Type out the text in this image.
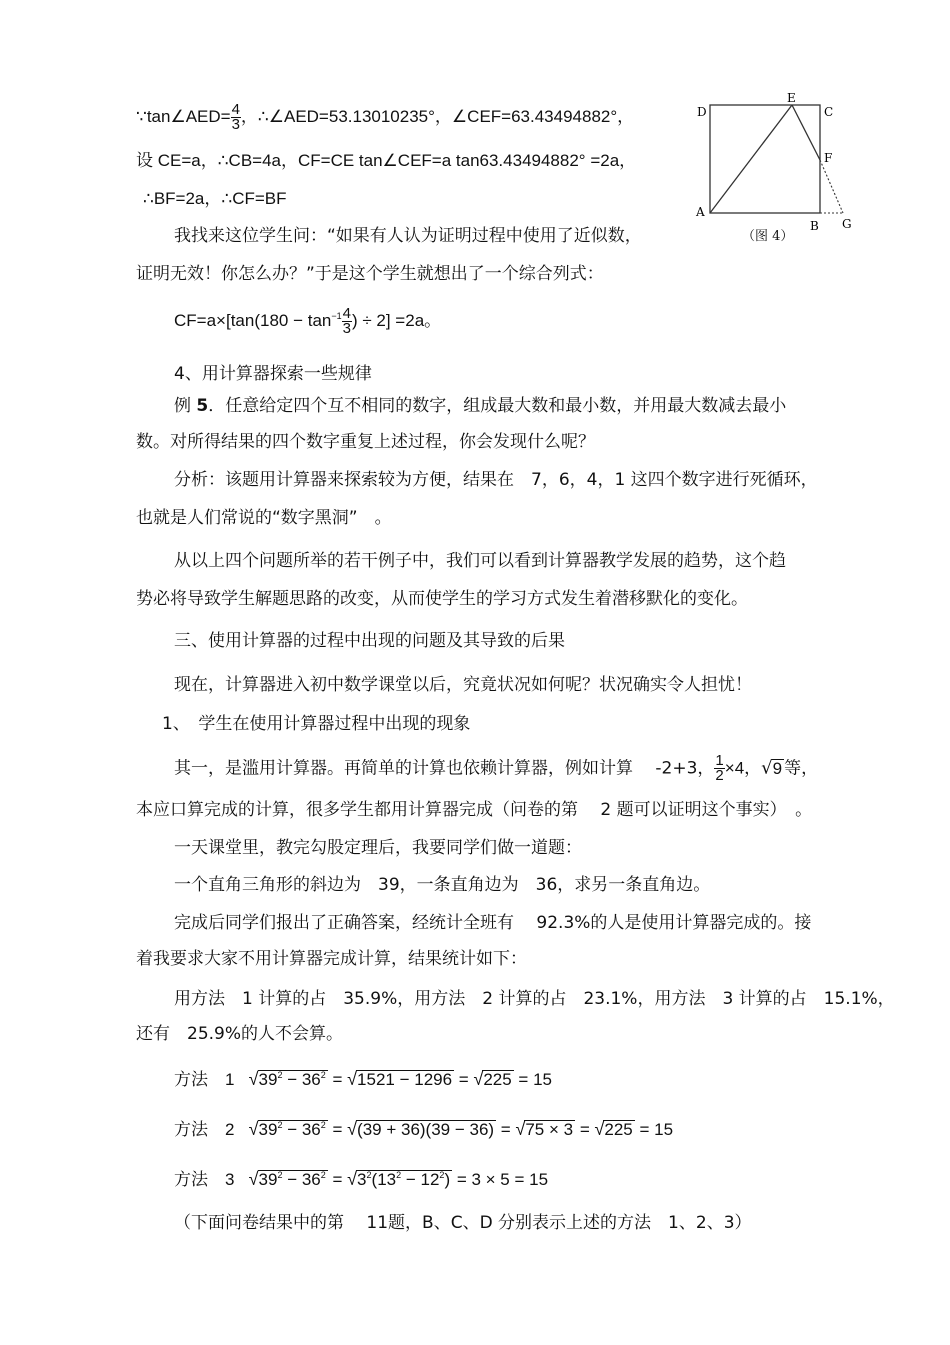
∵tan∠AED= $\frac{4}{3}$ ，∴∠AED=53.13010235°，∠CEF=63.43494882°，
设 CE=a，∴CB=4a，CF=CE tan∠CEF=a tan63.43494882° =2a，
∴BF=2a，∴CF=BF
我找来这位学生问：“如果有人认为证明过程中使用了近似数，
证明无效！你怎么办？”于是这个学生就想出了一个综合列式：
$CF=a\times[\tan(180 - \tan^{-1} \frac{4}{3}$ ) ÷ 2] =2a。
4、用计算器探索一些规律
例 5．任意给定四个互不相同的数字，组成最大数和最小数，并用最大数减去最小
数。对所得结果的四个数字重复上述过程，你会发现什么呢？
分析：该题用计算器来探索较为方便，结果在　7，6，4，1 这四个数字进行死循环，
也就是人们常说的“数字黑洞”　。
从以上四个问题所举的若干例子中，我们可以看到计算器教学发展的趋势，这个趋
势必将导致学生解题思路的改变，从而使学生的学习方式发生着潜移默化的变化。
三、使用计算器的过程中出现的问题及其导致的后果
现在，计算器进入初中数学课堂以后，究竟状况如何呢？状况确实令人担忧！
1、　学生在使用计算器过程中出现的现象
其一，是滥用计算器。再简单的计算也依赖计算器，例如计算　 -2+3， $\frac{1}{2} \times 4$，√9 等，
本应口算完成的计算，很多学生都用计算器完成（问卷的第　 2 题可以证明这个事实）　。
一天课堂里，教完勾股定理后，我要同学们做一道题：
一个直角三角形的斜边为　39，一条直角边为　36，求另一条直角边。
完成后同学们报出了正确答案，经统计全班有　 92.3%的人是使用计算器完成的。接
着我要求大家不用计算器完成计算，结果统计如下：
用方法　1 计算的占　35.9%，用方法　2 计算的占　23.1%，用方法　3 计算的占　15.1%，
还有　25.9%的人不会算。
方法　1 $√39^2 - 36^2 = √1521 - 1296 = √225 = 15$
方法　2 $√39^2 - 36^2 = √(39 + 36)(39 - 36) = √75 \times 3 = √225 = 15$
方法　3 $√39^2 - 36^2 = √3^2(13^2 - 12^2) = 3 \times 5 = 15$
（下面问卷结果中的第　 11题，B、C、D 分别表示上述的方法　1、2、3）
D
E
C
F
A
B G
（图 4）
